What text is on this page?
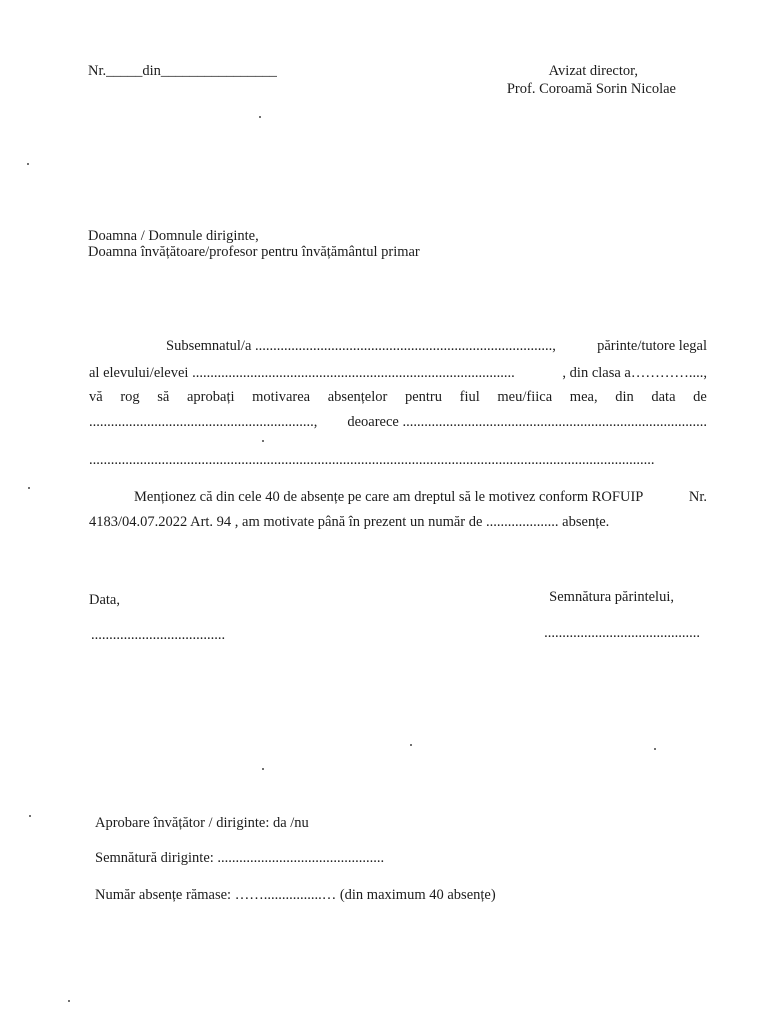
Nr._____din________________	Avizat director,
Prof. Coroamă Sorin Nicolae
Doamna / Domnule diriginte,
Doamna învățătoare/profesor pentru învățământul primar
Subsemnatul/a ..................................................................................,	părinte/tutore legal
al elevului/elevei .........................................................................................	, din clasa a…………....,
vă rog să aprobați motivarea absențelor pentru fiul meu/fiica mea, din data de
.............................................................., deoarece ....................................................................................
............................................................................................................................................................
Menționez că din cele 40 de absențe pe care am dreptul să le motivez conform ROFUIP	Nr.
4183/04.07.2022 Art. 94 , am motivate până în prezent un număr de .................... absențe.
Data,
.....................................
Semnătura părintelui,
...........................................
Aprobare învățător / diriginte: da /nu
Semnătură diriginte: ..............................................
Număr absențe rămase: ……................… (din maximum 40 absențe)
